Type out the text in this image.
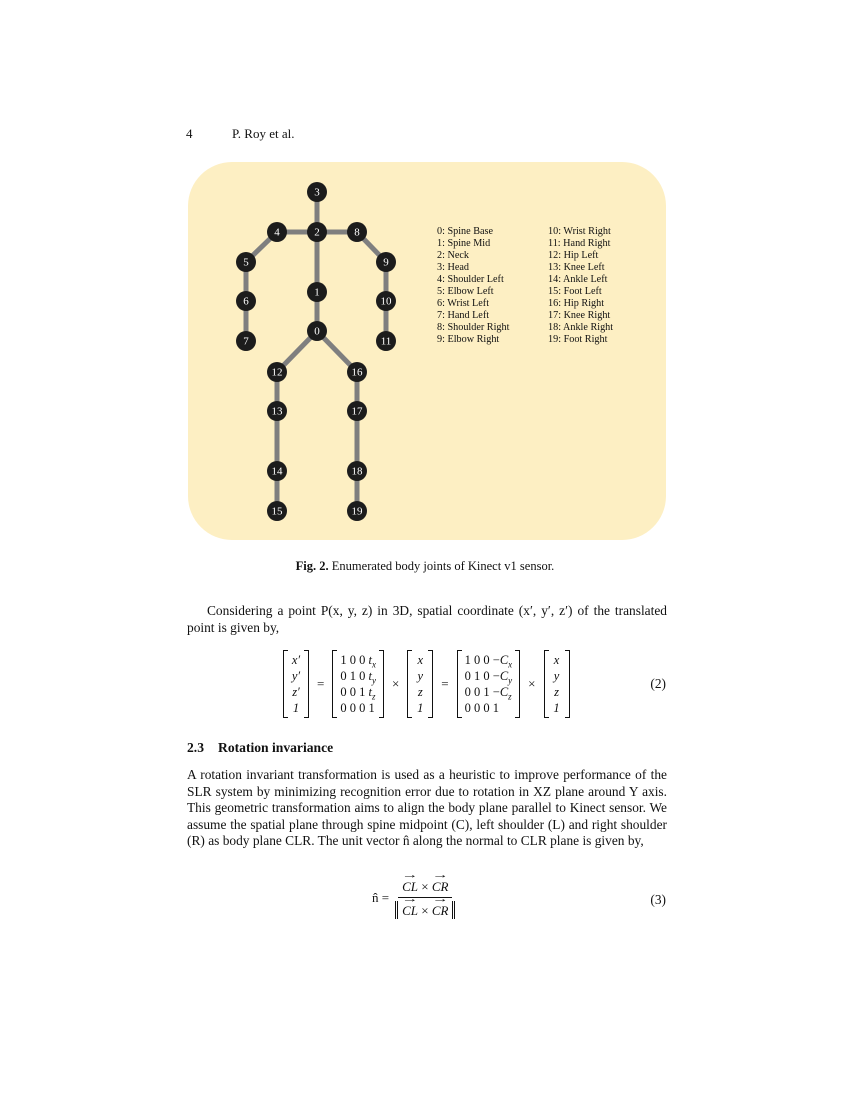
4	P. Roy et al.
0
1
2
3
4
5
6
7
8
9
10
11
12
13
14
15
16
17
18
19
0: Spine Base
1: Spine Mid
2: Neck
3: Head
4: Shoulder Left
5: Elbow Left
6: Wrist Left
7: Hand Left
8: Shoulder Right
9: Elbow Right
10: Wrist Right
11: Hand Right
12: Hip Left
13: Knee Left
14: Ankle Left
15: Foot Left
16: Hip Right
17: Knee Right
18: Ankle Right
19: Foot Right
Fig. 2. Enumerated body joints of Kinect v1 sensor.
Considering a point P(x, y, z) in 3D, spatial coordinate (x′, y′, z′) of the translated point is given by,
x′
y′
z′
1
=
1 0 0 $t_x$
0 1 0 $t_y$
0 0 1 $t_z$
0 0 0 1
×
x
y
z
1
=
1 0 $0 -C_x$
0 1 $0 -C_y$
0 0 $1 -C_z$
0 0 0 1
×
x
y
z
1
(2)
2.3 Rotation invariance
A rotation invariant transformation is used as a heuristic to improve performance of the SLR system by minimizing recognition error due to rotation in XZ plane around Y axis. This geometric transformation aims to align the body plane parallel to Kinect sensor. We assume the spatial plane through spine midpoint (C), left shoulder (L) and right shoulder (R) as body plane CLR. The unit vector n̂ along the normal to CLR plane is given by,
n̂ = → CL × → CR
→ CL × → CR	(3)
